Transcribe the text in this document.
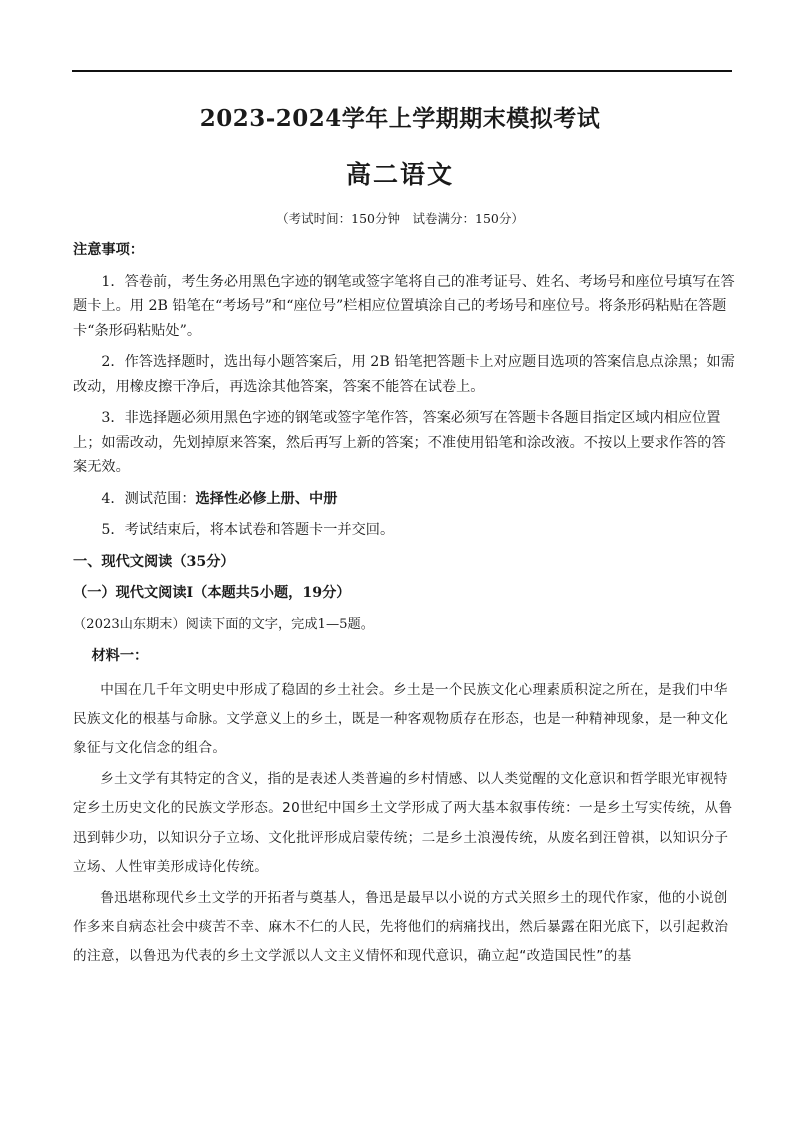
2023-2024学年上学期期末模拟考试
高二语文
（考试时间：150分钟　试卷满分：150分）

注意事项：

1．答卷前，考生务必用黑色字迹的钢笔或签字笔将自己的准考证号、姓名、考场号和座位号填写在答题卡上。用 2B 铅笔在“考场号”和“座位号”栏相应位置填涂自己的考场号和座位号。将条形码粘贴在答题卡“条形码粘贴处”。

2．作答选择题时，选出每小题答案后，用 2B 铅笔把答题卡上对应题目选项的答案信息点涂黑；如需改动，用橡皮擦干净后，再选涂其他答案，答案不能答在试卷上。

3．非选择题必须用黑色字迹的钢笔或签字笔作答，答案必须写在答题卡各题目指定区域内相应位置上；如需改动，先划掉原来答案，然后再写上新的答案；不准使用铅笔和涂改液。不按以上要求作答的答案无效。

4．测试范围：选择性必修上册、中册

5．考试结束后，将本试卷和答题卡一并交回。

一、现代文阅读（35分）

（一）现代文阅读Ⅰ（本题共5小题，19分）

（2023山东期末）阅读下面的文字，完成1—5题。

材料一：

中国在几千年文明史中形成了稳固的乡土社会。乡土是一个民族文化心理素质积淀之所在，是我们中华民族文化的根基与命脉。文学意义上的乡土，既是一种客观物质存在形态，也是一种精神现象，是一种文化象征与文化信念的组合。

乡土文学有其特定的含义，指的是表述人类普遍的乡村情感、以人类觉醒的文化意识和哲学眼光审视特定乡土历史文化的民族文学形态。20世纪中国乡土文学形成了两大基本叙事传统：一是乡土写实传统，从鲁迅到韩少功，以知识分子立场、文化批评形成启蒙传统；二是乡土浪漫传统，从废名到汪曾祺，以知识分子立场、人性审美形成诗化传统。

鲁迅堪称现代乡土文学的开拓者与奠基人，鲁迅是最早以小说的方式关照乡土的现代作家，他的小说创作多来自病态社会中痰苦不幸、麻木不仁的人民，先将他们的病痛找出，然后暴露在阳光底下，以引起救治的注意，以鲁迅为代表的乡土文学派以人文主义情怀和现代意识，确立起“改造国民性”的基
